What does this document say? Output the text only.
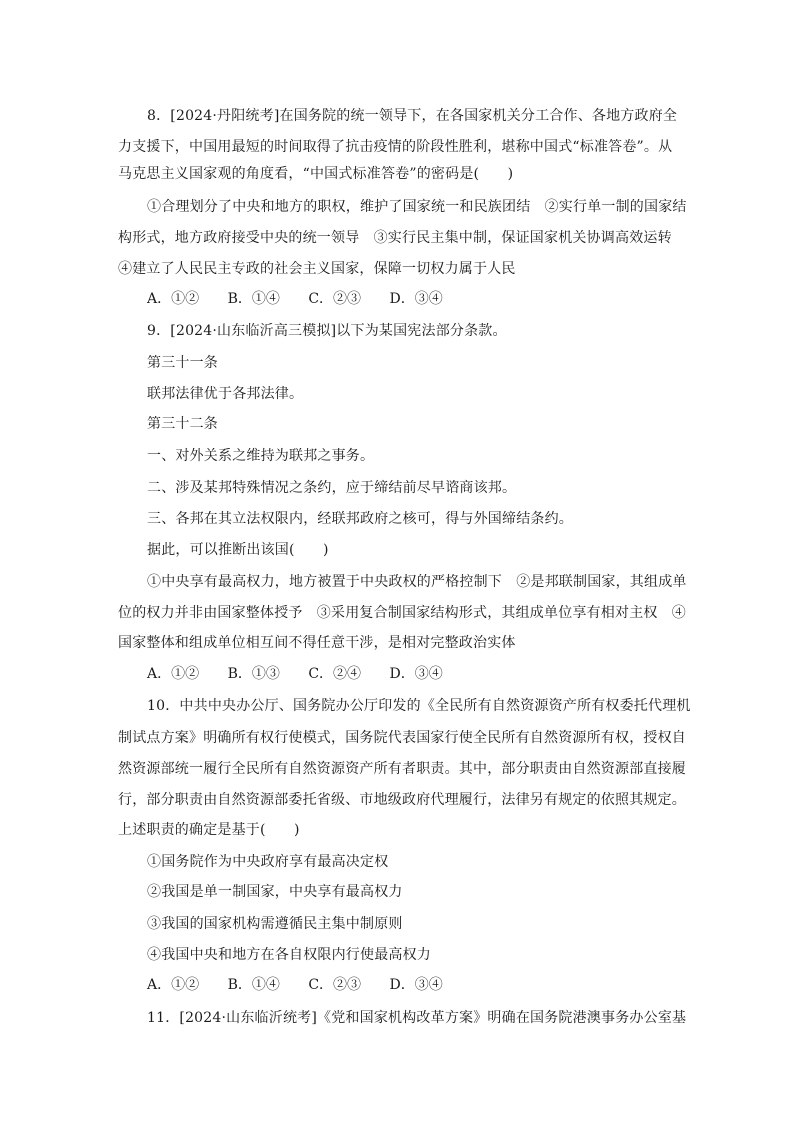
8．[2024·丹阳统考]在国务院的统一领导下，在各国家机关分工合作、各地方政府全
力支援下，中国用最短的时间取得了抗击疫情的阶段性胜利，堪称中国式“标准答卷”。从
马克思主义国家观的角度看，“中国式标准答卷”的密码是(　　)
①合理划分了中央和地方的职权，维护了国家统一和民族团结　②实行单一制的国家结
构形式，地方政府接受中央的统一领导　③实行民主集中制，保证国家机关协调高效运转
④建立了人民民主专政的社会主义国家，保障一切权力属于人民
A．①② B．①④ C．②③ D．③④
9．[2024·山东临沂高三模拟]以下为某国宪法部分条款。
第三十一条
联邦法律优于各邦法律。
第三十二条
一、对外关系之维持为联邦之事务。
二、涉及某邦特殊情况之条约，应于缔结前尽早谘商该邦。
三、各邦在其立法权限内，经联邦政府之核可，得与外国缔结条约。
据此，可以推断出该国(　　)
①中央享有最高权力，地方被置于中央政权的严格控制下　②是邦联制国家，其组成单
位的权力并非由国家整体授予　③采用复合制国家结构形式，其组成单位享有相对主权　④
国家整体和组成单位相互间不得任意干涉，是相对完整政治实体
A．①② B．①③ C．②④ D．③④
10．中共中央办公厅、国务院办公厅印发的《全民所有自然资源资产所有权委托代理机
制试点方案》明确所有权行使模式，国务院代表国家行使全民所有自然资源所有权，授权自
然资源部统一履行全民所有自然资源资产所有者职责。其中，部分职责由自然资源部直接履
行，部分职责由自然资源部委托省级、市地级政府代理履行，法律另有规定的依照其规定。
上述职责的确定是基于(　　)
①国务院作为中央政府享有最高决定权
②我国是单一制国家，中央享有最高权力
③我国的国家机构需遵循民主集中制原则
④我国中央和地方在各自权限内行使最高权力
A．①② B．①④ C．②③ D．③④
11．[2024·山东临沂统考]《党和国家机构改革方案》明确在国务院港澳事务办公室基
